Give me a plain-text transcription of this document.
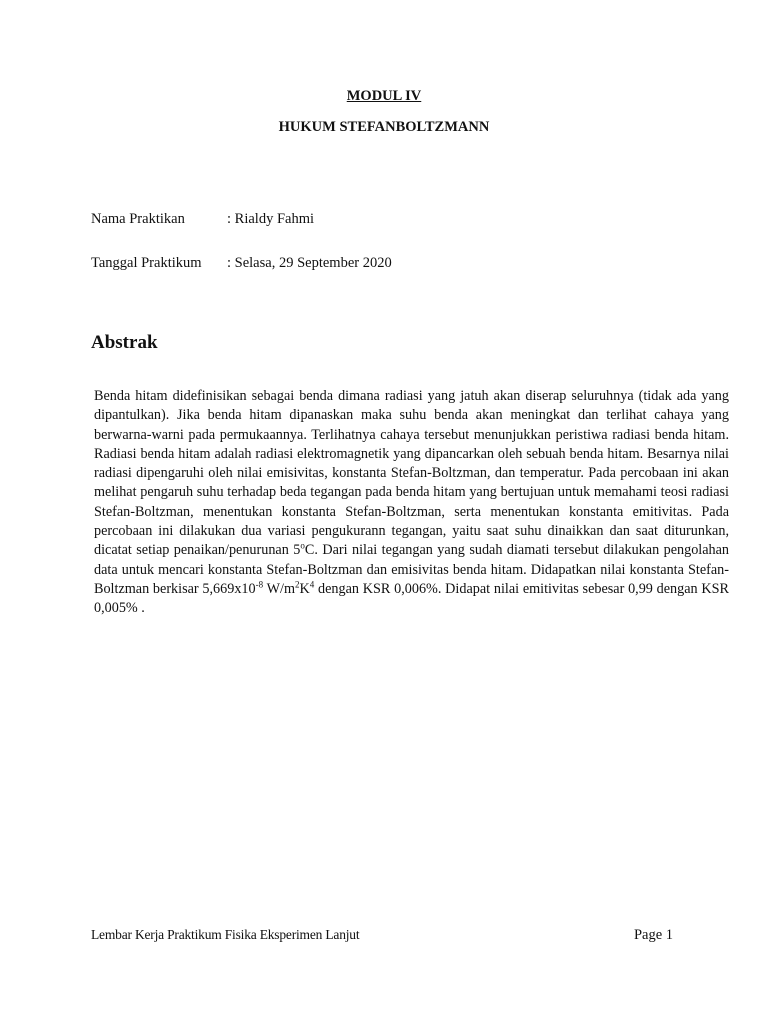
MODUL IV
HUKUM STEFANBOLTZMANN
Nama Praktikan	: Rialdy Fahmi
Tanggal Praktikum : Selasa, 29 September 2020
Abstrak
Benda hitam didefinisikan sebagai benda dimana radiasi yang jatuh akan diserap seluruhnya (tidak ada yang dipantulkan). Jika benda hitam dipanaskan maka suhu benda akan meningkat dan terlihat cahaya yang berwarna-warni pada permukaannya. Terlihatnya cahaya tersebut menunjukkan peristiwa radiasi benda hitam. Radiasi benda hitam adalah radiasi elektromagnetik yang dipancarkan oleh sebuah benda hitam. Besarnya nilai radiasi dipengaruhi oleh nilai emisivitas, konstanta Stefan-Boltzman, dan temperatur. Pada percobaan ini akan melihat pengaruh suhu terhadap beda tegangan pada benda hitam yang bertujuan untuk memahami teosi radiasi Stefan-Boltzman, menentukan konstanta Stefan-Boltzman, serta menentukan konstanta emitivitas. Pada percobaan ini dilakukan dua variasi pengukurann tegangan, yaitu saat suhu dinaikkan dan saat diturunkan, dicatat setiap penaikan/penurunan 5$^o$C. Dari nilai tegangan yang sudah diamati tersebut dilakukan pengolahan data untuk mencari konstanta Stefan-Boltzman dan emisivitas benda hitam. Didapatkan nilai konstanta Stefan-Boltzman berkisar $5,669x10^{-8}$ $W/m^2K^4$ dengan KSR 0,006%. Didapat nilai emitivitas sebesar 0,99 dengan KSR 0,005% .
Lembar Kerja Praktikum Fisika Eksperimen Lanjut	Page 1
